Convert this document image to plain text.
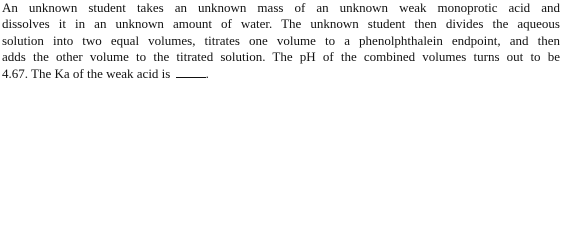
An unknown student takes an unknown mass of an unknown weak monoprotic acid and
dissolves it in an unknown amount of water. The unknown student then divides the aqueous
solution into two equal volumes, titrates one volume to a phenolphthalein endpoint, and then
adds the other volume to the titrated solution. The pH of the combined volumes turns out to be
4.67. The Ka of the weak acid is	.
